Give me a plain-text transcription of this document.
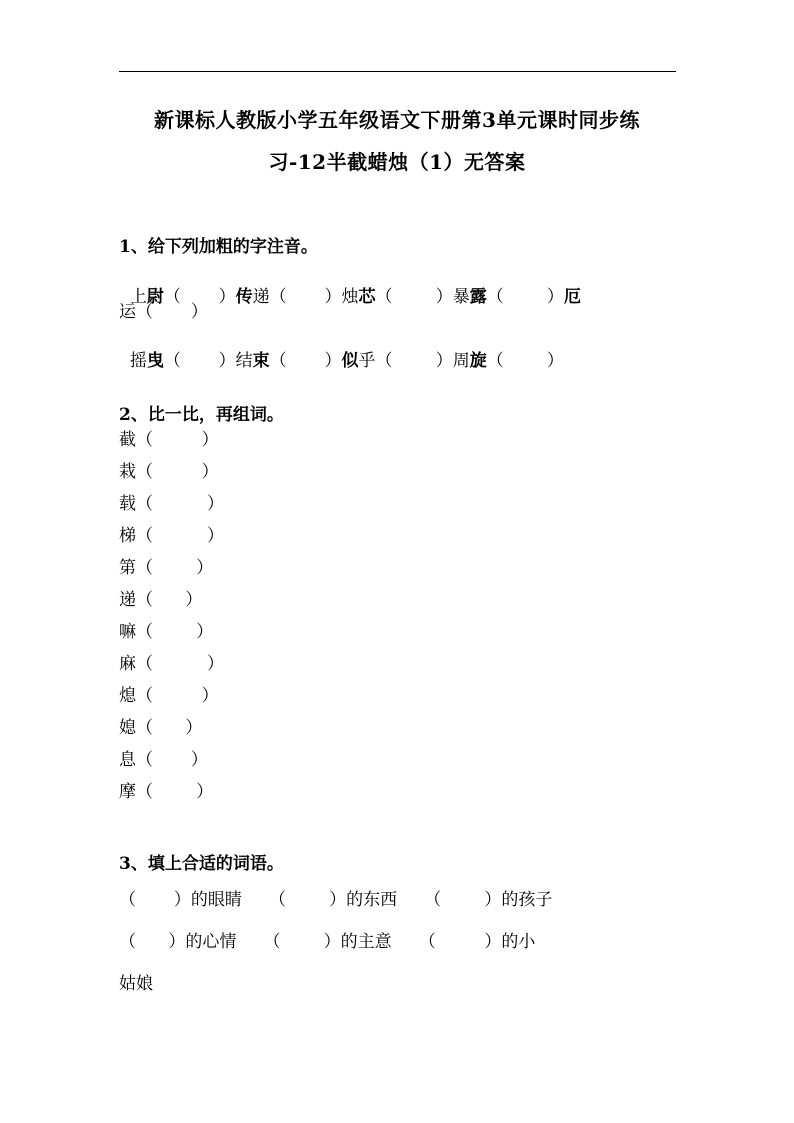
新课标人教版小学五年级语文下册第3单元课时同步练
习-12半截蜡烛（1）无答案
1、给下列加粗的字注音。

上尉（       ）传递（       ）烛芯（        ）暴露（        ）厄

运（       ）

摇曳（       ）结束（       ）似乎（        ）周旋（        ）

2、比一比，再组词。
截（         ）
栽（         ）
载（          ）
梯（          ）
第（        ）
递（      ）
嘛（        ）
麻（          ）
熄（         ）
媳（      ）
息（       ）
摩（        ）
3、填上合适的词语。
（       ）的眼睛     （        ）的东西     （        ）的孩子
（      ）的心情     （        ）的主意     （         ）的小
姑娘
